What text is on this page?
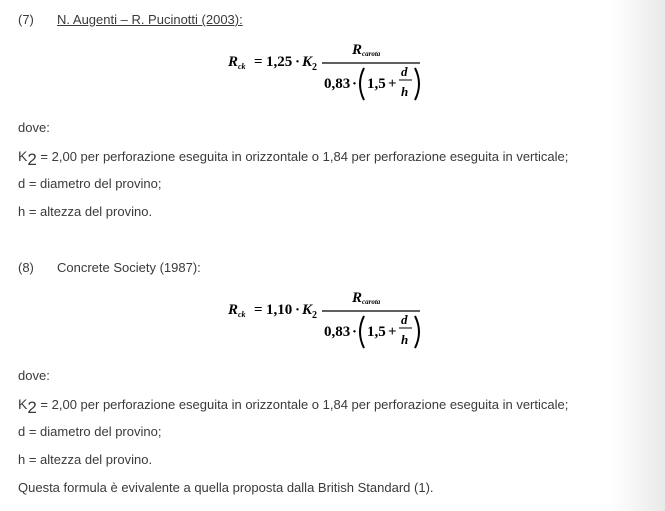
(7) N. Augenti – R. Pucinotti (2003):
R ck = 1,25 · K 2
R carota
0,83 · 1,5 +
d
h
dove:
K2 = 2,00 per perforazione eseguita in orizzontale o 1,84 per perforazione eseguita in verticale;
d = diametro del provino;
h = altezza del provino.
(8) Concrete Society (1987):
R ck = 1,10 · K 2
R carota
0,83 · 1,5 +
d
h
dove:
K2 = 2,00 per perforazione eseguita in orizzontale o 1,84 per perforazione eseguita in verticale;
d = diametro del provino;
h = altezza del provino.
Questa formula è evivalente a quella proposta dalla British Standard (1).
